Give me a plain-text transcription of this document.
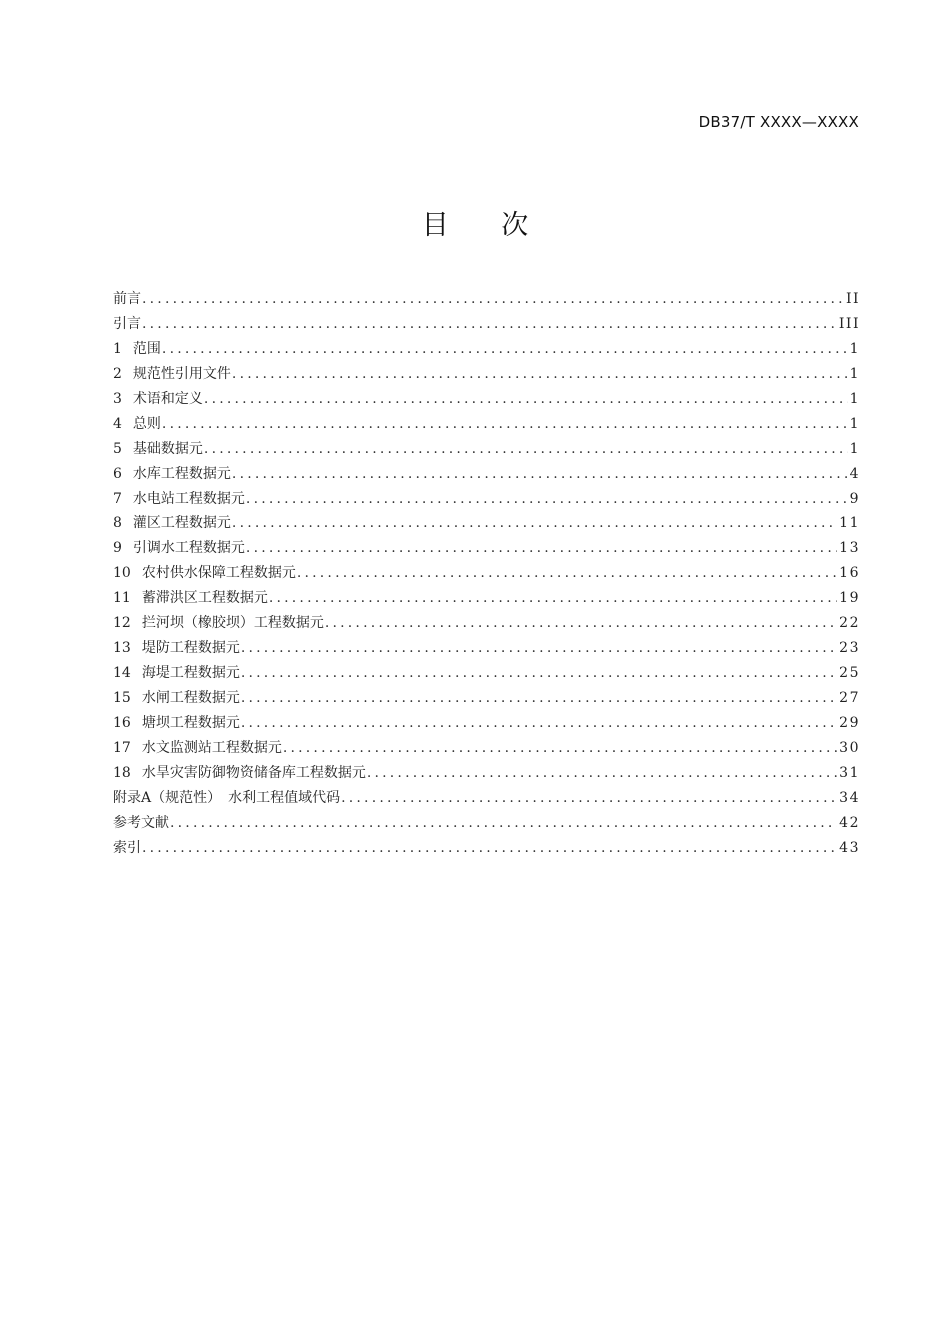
DB37/T XXXX—XXXX
目 次
前言 .....	II
引言 .....	III
1 范围 .....	1
2 规范性引用文件 .....	1
3 术语和定义 .....	1
4 总则 .....	1
5 基础数据元 .....	1
6 水库工程数据元 .....	4
7 水电站工程数据元 .....	9
8 灌区工程数据元 .....	11
9 引调水工程数据元 .....	13
10 农村供水保障工程数据元 .....	16
11 蓄滞洪区工程数据元 .....	19
12 拦河坝（橡胶坝）工程数据元 .....	22
13 堤防工程数据元 .....	23
14 海堤工程数据元 .....	25
15 水闸工程数据元 .....	27
16 塘坝工程数据元 .....	29
17 水文监测站工程数据元 .....	30
18 水旱灾害防御物资储备库工程数据元 .....	31
附录A（规范性）　水利工程值域代码 .....	34
参考文献 .....	42
索引 .....	43
